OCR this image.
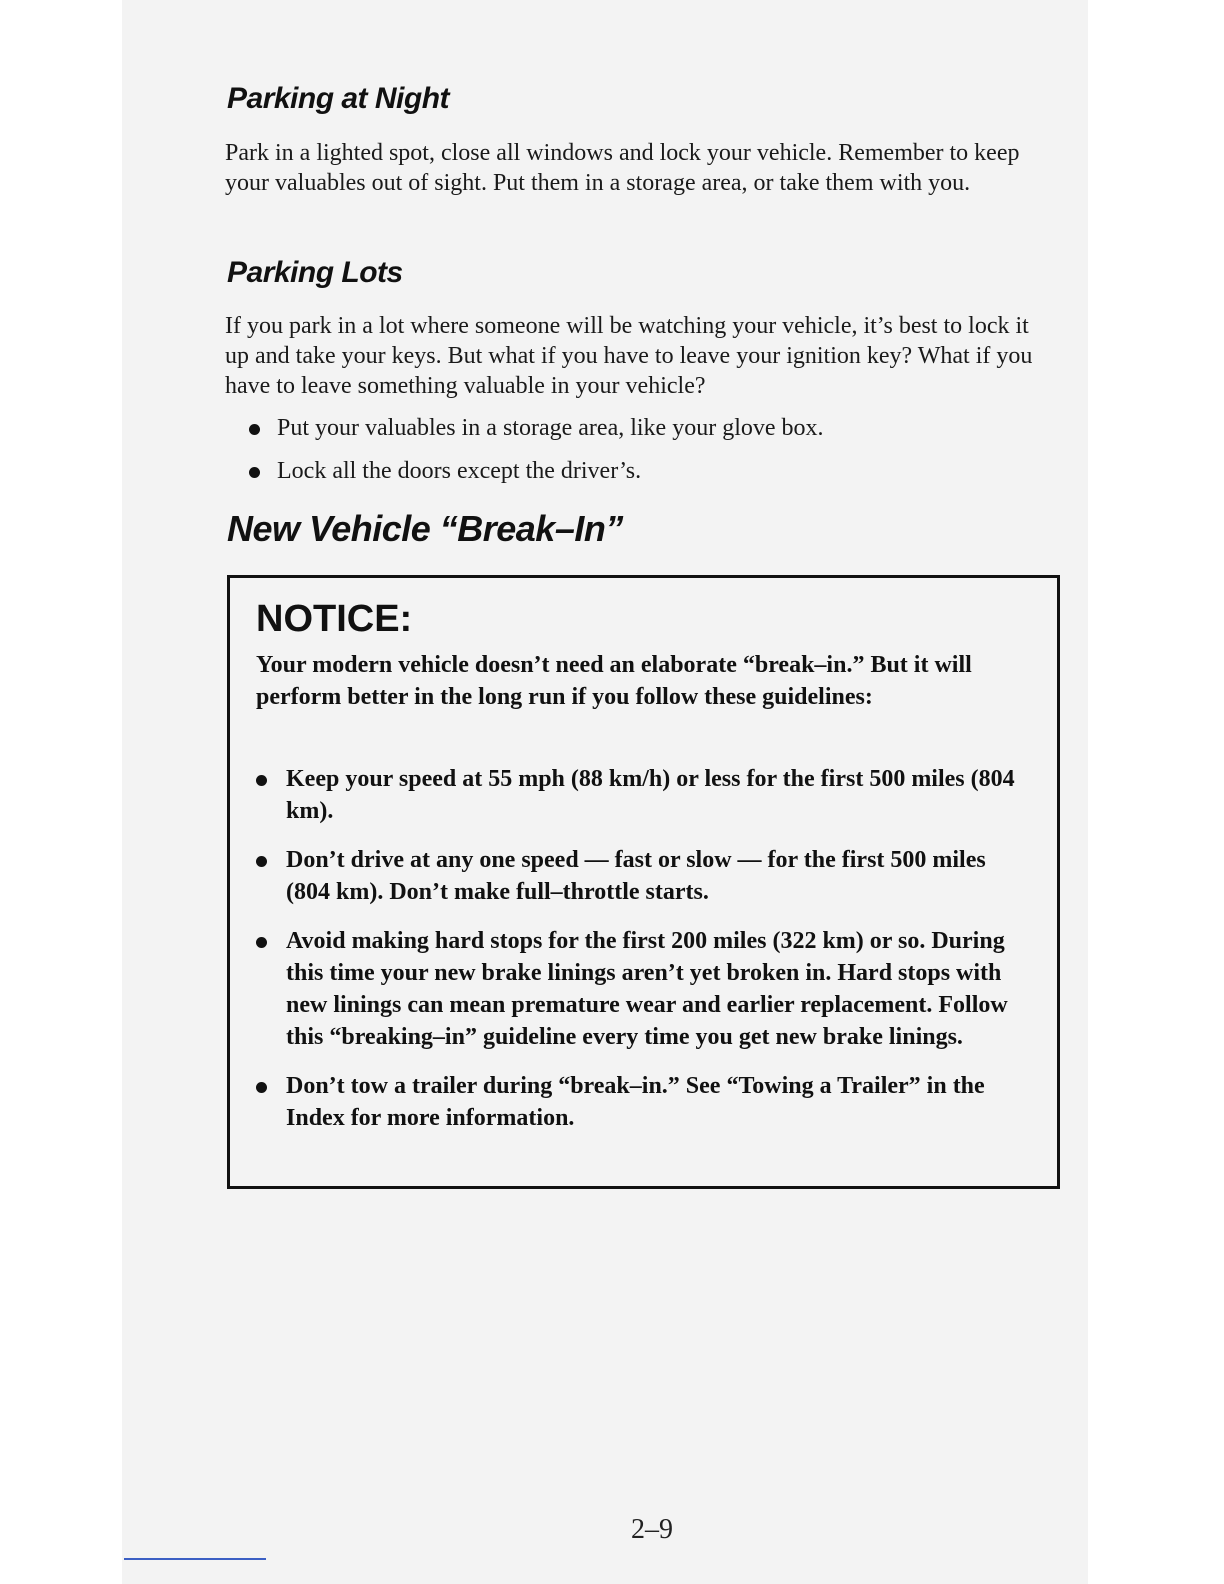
Parking at Night

Park in a lighted spot, close all windows and lock your vehicle. Remember to keep your valuables out of sight. Put them in a storage area, or take them with you.

Parking Lots

If you park in a lot where someone will be watching your vehicle, it’s best to lock it up and take your keys. But what if you have to leave your ignition key? What if you have to leave something valuable in your vehicle?

Put your valuables in a storage area, like your glove box.
Lock all the doors except the driver’s.
New Vehicle “Break–In”
NOTICE:

Your modern vehicle doesn’t need an elaborate “break–in.” But it will perform better in the long run if you follow these guidelines:

Keep your speed at 55 mph (88 km/h) or less for the first 500 miles (804 km).
Don’t drive at any one speed — fast or slow — for the first 500 miles (804 km). Don’t make full–throttle starts.
Avoid making hard stops for the first 200 miles (322 km) or so. During this time your new brake linings aren’t yet broken in. Hard stops with new linings can mean premature wear and earlier replacement. Follow this “breaking–in” guideline every time you get new brake linings.
Don’t tow a trailer during “break–in.” See “Towing a Trailer” in the Index for more information.

2–9
